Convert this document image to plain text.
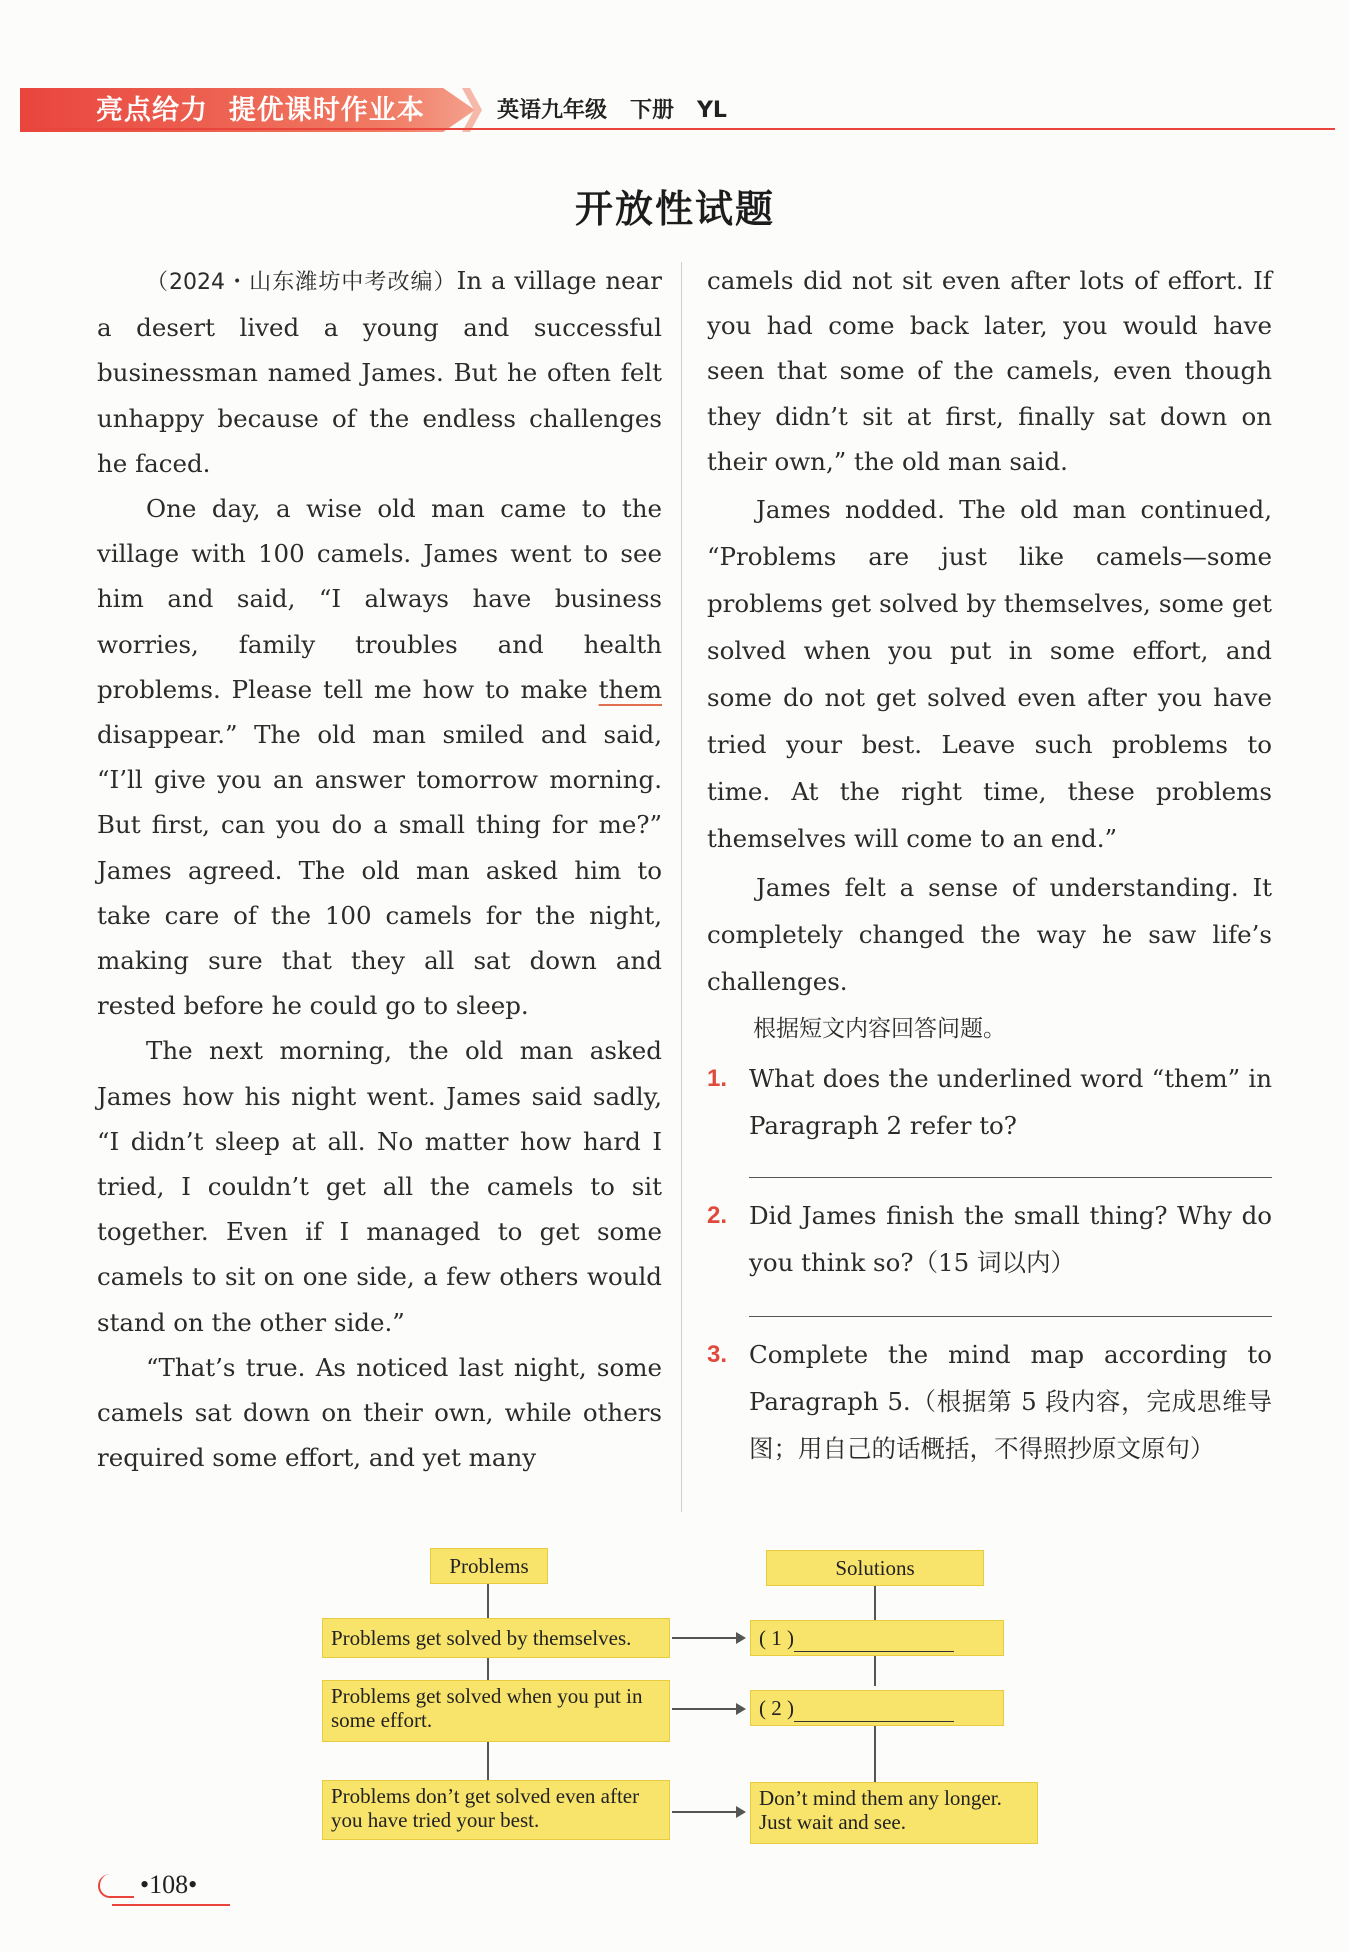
亮点给力  提优课时作业本	英语九年级   下册   YL
开放性试题

（2024・山东潍坊中考改编）In a village near a desert lived a young and successful businessman named James. But he often felt unhappy because of the endless challenges he faced.

One day, a wise old man came to the village with 100 camels. James went to see him and said, “I always have business worries, family troubles and health problems. Please tell me how to make them disappear.” The old man smiled and said, “I’ll give you an answer tomorrow morning. But first, can you do a small thing for me?” James agreed. The old man asked him to take care of the 100 camels for the night, making sure that they all sat down and rested before he could go to sleep.

The next morning, the old man asked James how his night went. James said sadly, “I didn’t sleep at all. No matter how hard I tried, I couldn’t get all the camels to sit together. Even if I managed to get some camels to sit on one side, a few others would stand on the other side.”

“That’s true. As noticed last night, some camels sat down on their own, while others required some effort, and yet many

camels did not sit even after lots of effort. If you had come back later, you would have seen that some of the camels, even though they didn’t sit at first, finally sat down on their own,” the old man said.

James nodded. The old man continued, “Problems are just like camels—some problems get solved by themselves, some get solved when you put in some effort, and some do not get solved even after you have tried your best. Leave such problems to time. At the right time, these problems themselves will come to an end.”

James felt a sense of understanding. It completely changed the way he saw life’s challenges.

根据短文内容回答问题。

1. What does the underlined word “them” in Paragraph 2 refer to?
2. Did James finish the small thing? Why do you think so?（15 词以内）
3. Complete the mind map according to Paragraph 5.（根据第 5 段内容，完成思维导图；用自己的话概括，不得照抄原文原句）
Problems	Solutions
Problems get solved by themselves.
Problems get solved when you put in some effort.
Problems don’t get solved even after you have tried your best.
( 1 )
( 2 )
Don’t mind them any longer. Just wait and see.
•108•
